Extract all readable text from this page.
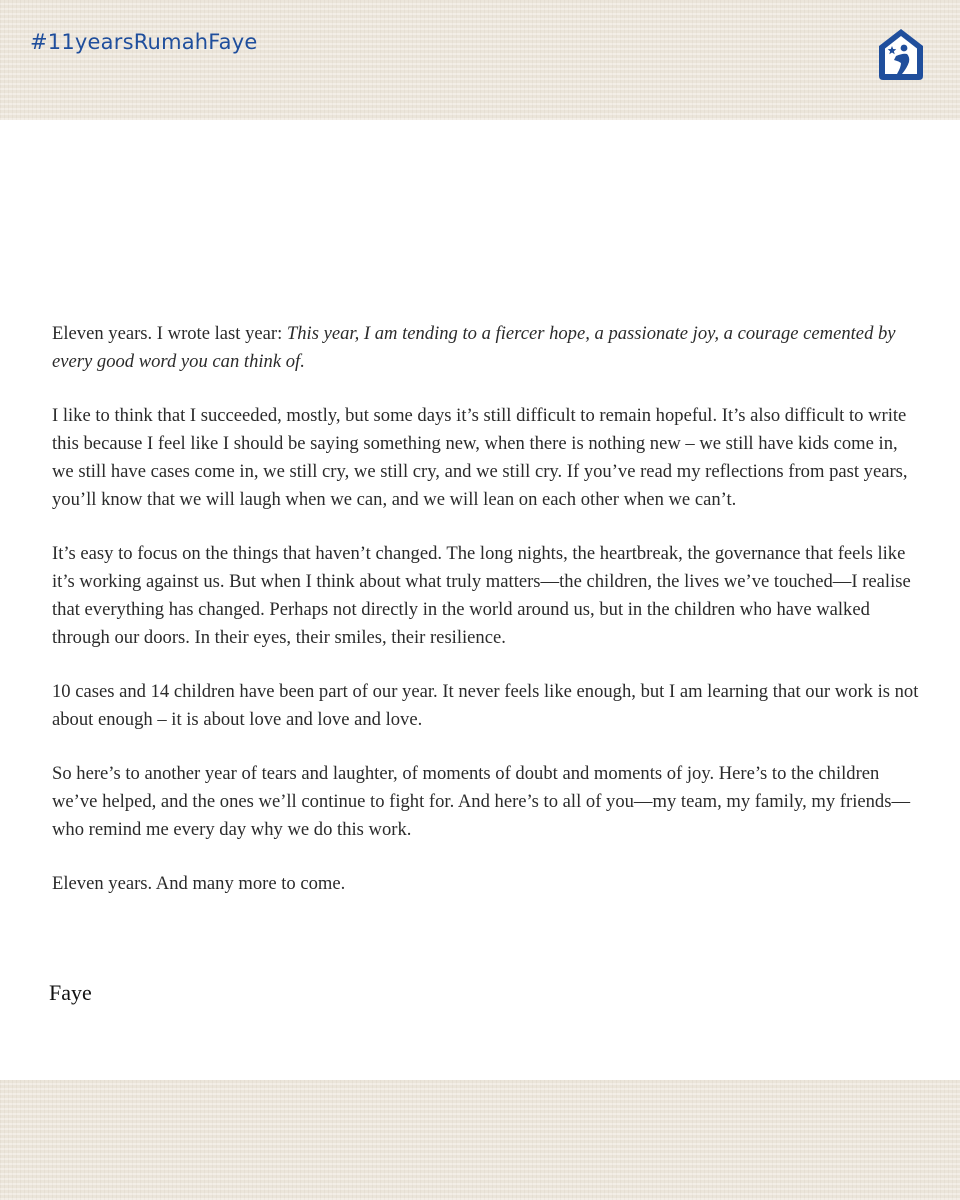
#11yearsRumahFaye

Eleven years. I wrote last year: This year, I am tending to a fiercer hope, a passionate joy, a courage cemented by every good word you can think of.

I like to think that I succeeded, mostly, but some days it’s still difficult to remain hopeful. It’s also difficult to write this because I feel like I should be saying something new, when there is nothing new – we still have kids come in, we still have cases come in, we still cry, we still cry, and we still cry. If you’ve read my reflections from past years, you’ll know that we will laugh when we can, and we will lean on each other when we can’t.

It’s easy to focus on the things that haven’t changed. The long nights, the heartbreak, the governance that feels like it’s working against us. But when I think about what truly matters—the children, the lives we’ve touched—I realise that everything has changed. Perhaps not directly in the world around us, but in the children who have walked through our doors. In their eyes, their smiles, their resilience.

10 cases and 14 children have been part of our year. It never feels like enough, but I am learning that our work is not about enough – it is about love and love and love.

So here’s to another year of tears and laughter, of moments of doubt and moments of joy. Here’s to the children we’ve helped, and the ones we’ll continue to fight for. And here’s to all of you—my team, my family, my friends—who remind me every day why we do this work.

Eleven years. And many more to come.

Faye
